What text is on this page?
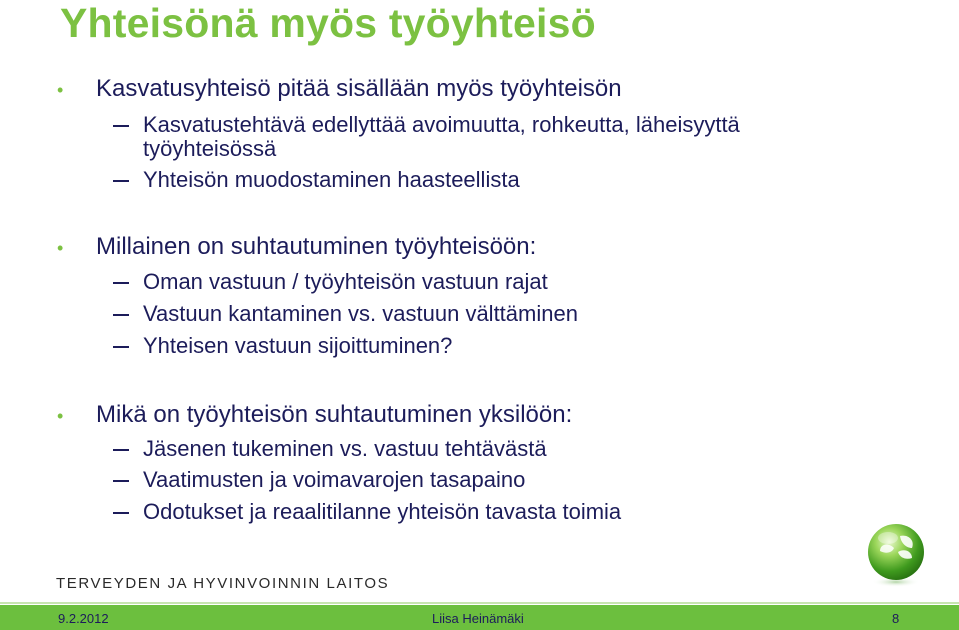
Yhteisönä myös työyhteisö
• Kasvatusyhteisö pitää sisällään myös työyhteisön
Kasvatustehtävä edellyttää avoimuutta, rohkeutta, läheisyyttä
työyhteisössä
Yhteisön muodostaminen haasteellista
• Millainen on suhtautuminen työyhteisöön:
Oman vastuun / työyhteisön vastuun rajat
Vastuun kantaminen vs. vastuun välttäminen
Yhteisen vastuun sijoittuminen?
• Mikä on työyhteisön suhtautuminen yksilöön:
Jäsenen tukeminen vs. vastuu tehtävästä
Vaatimusten ja voimavarojen tasapaino
Odotukset ja reaalitilanne yhteisön tavasta toimia
TERVEYDEN JA HYVINVOINNIN LAITOS
9.2.2012	Liisa Heinämäki	8
